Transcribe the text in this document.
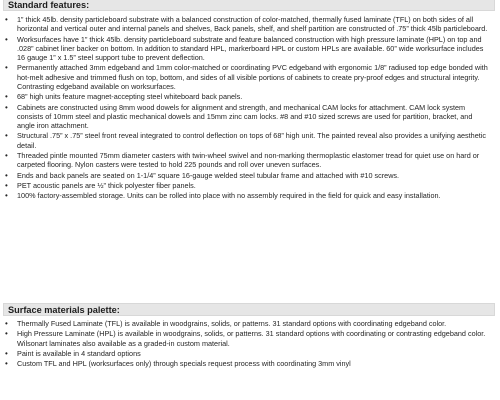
Standard features:
• 1” thick 45lb. density particleboard substrate with a balanced construction of color-matched, thermally fused laminate (TFL) on both sides of all horizontal and vertical outer and internal panels and shelves, Back panels, shelf, and shelf partition are constructed of .75” thick 45lb particleboard.
• Worksurfaces have 1” thick 45lb. density particleboard substrate and feature balanced construction with high pressure laminate (HPL) on top and .028” cabinet liner backer on bottom. In addition to standard HPL, markerboard HPL or custom HPLs are available. 60” wide worksurface includes 16 gauge 1” x 1.5” steel support tube to prevent deflection.
• Permanently attached 3mm edgeband and 1mm color-matched or coordinating PVC edgeband with ergonomic 1/8” radiused top edge bonded with hot-melt adhesive and trimmed flush on top, bottom, and sides of all visible portions of cabinets to create pry-proof edges and structural integrity. Contrasting edgeband available on worksurfaces.
• 68” high units feature magnet-accepting steel whiteboard back panels.
• Cabinets are constructed using 8mm wood dowels for alignment and strength, and mechanical CAM locks for attachment. CAM lock system consists of 10mm steel and plastic mechanical dowels and 15mm zinc cam locks. #8 and #10 sized screws are used for partition, bracket, and angle iron attachment.
• Structural .75” x .75” steel front reveal integrated to control deflection on tops of 68” high unit. The painted reveal also provides a unifying aesthetic detail.
• Threaded pintle mounted 75mm diameter casters with twin-wheel swivel and non-marking thermoplastic elastomer tread for quiet use on hard or carpeted flooring. Nylon casters were tested to hold 225 pounds and roll over uneven surfaces.
• Ends and back panels are seated on 1-1/4” square 16-gauge welded steel tubular frame and attached with #10 screws.
• PET acoustic panels are ½” thick polyester fiber panels.
• 100% factory-assembled storage. Units can be rolled into place with no assembly required in the field for quick and easy installation.
Surface materials palette:
• Thermally Fused Laminate (TFL) is available in woodgrains, solids, or patterns. 31 standard options with coordinating edgeband color.
• High Pressure Laminate (HPL) is available in woodgrains, solids, or patterns. 31 standard options with coordinating or contrasting edgeband color. Wilsonart laminates also available as a graded-in custom material.
• Paint is available in 4 standard options
• Custom TFL and HPL (worksurfaces only) through specials request process with coordinating 3mm vinyl
